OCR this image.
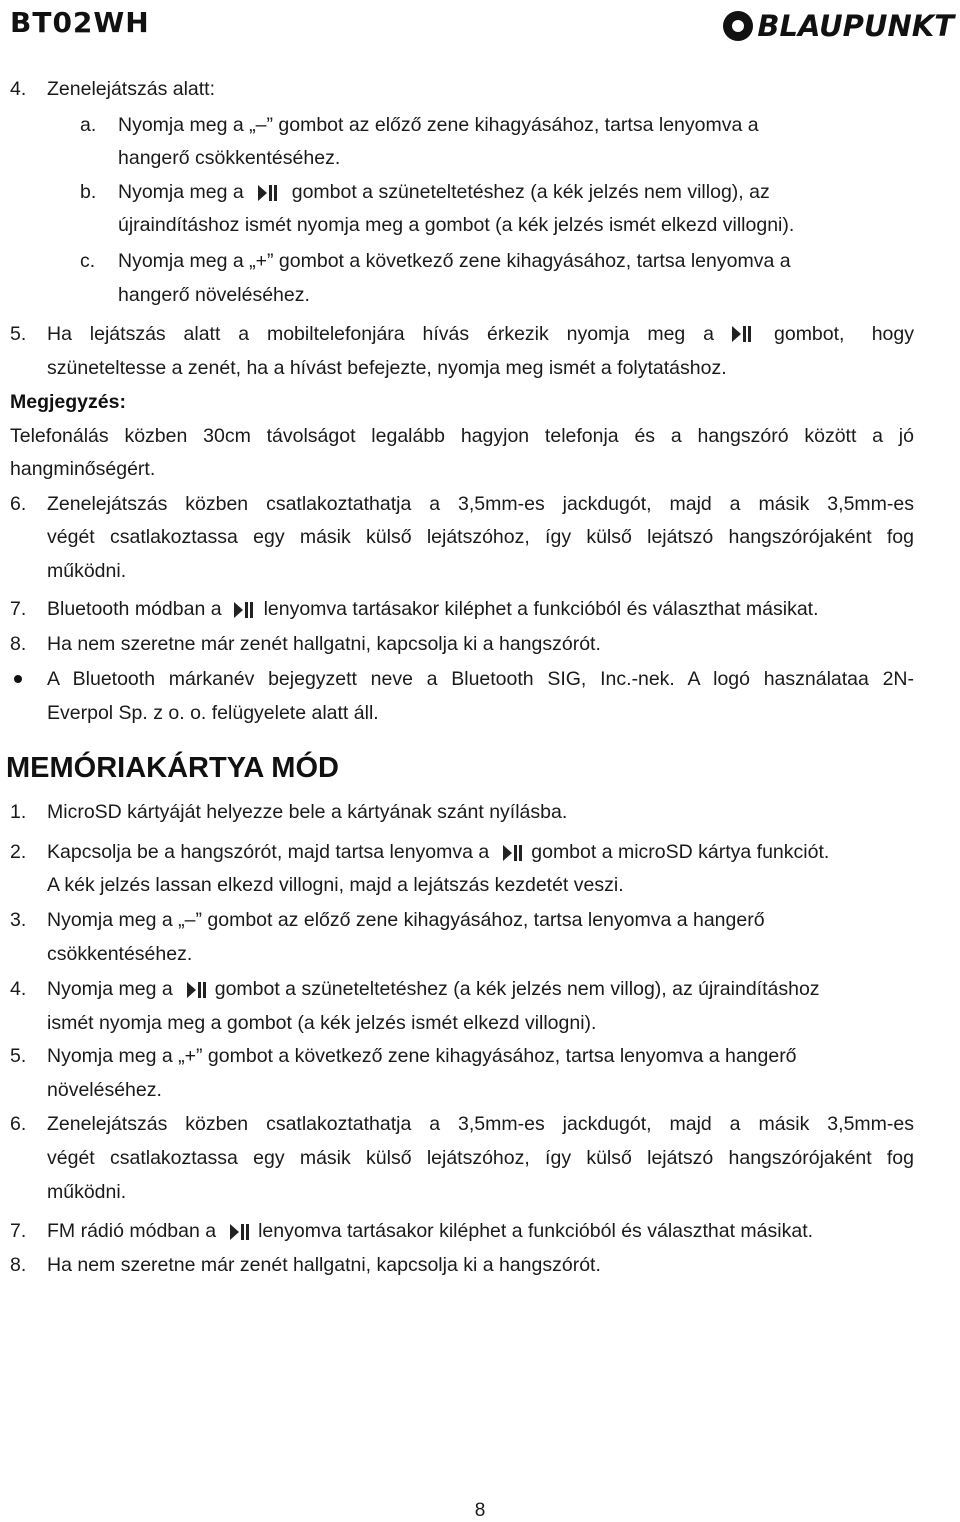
BT02WH	BLAUPUNKT
4. Zenelejátszás alatt:
a. Nyomja meg a „–” gombot az előző zene kihagyásához, tartsa lenyomva a
hangerő csökkentéséhez.
b. Nyomja meg a gombot a szüneteltetéshez (a kék jelzés nem villog), az
újraindításhoz ismét nyomja meg a gombot (a kék jelzés ismét elkezd villogni).
c. Nyomja meg a „+” gombot a következő zene kihagyásához, tartsa lenyomva a
hangerő növeléséhez.
5. Ha lejátszás alatt a mobiltelefonjára hívás érkezik nyomja meg a	gombot, hogy
szüneteltesse a zenét, ha a hívást befejezte, nyomja meg ismét a folytatáshoz.
Megjegyzés:
Telefonálás közben 30cm távolságot legalább hagyjon telefonja és a hangszóró között a jó
hangminőségért.
6. Zenelejátszás közben csatlakoztathatja a 3,5mm-es jackdugót, majd a másik 3,5mm-es
végét csatlakoztassa egy másik külső lejátszóhoz, így külső lejátszó hangszórójaként fog
működni.
7. Bluetooth módban a lenyomva tartásakor kiléphet a funkcióból és választhat másikat.
8. Ha nem szeretne már zenét hallgatni, kapcsolja ki a hangszórót.
A Bluetooth márkanév bejegyzett neve a Bluetooth SIG, Inc.-nek. A logó használataa 2N-
Everpol Sp. z o. o. felügyelete alatt áll.
MEMÓRIAKÁRTYA MÓD
1. MicroSD kártyáját helyezze bele a kártyának szánt nyílásba.
2. Kapcsolja be a hangszórót, majd tartsa lenyomva a gombot a microSD kártya funkciót.
A kék jelzés lassan elkezd villogni, majd a lejátszás kezdetét veszi.
3. Nyomja meg a „–” gombot az előző zene kihagyásához, tartsa lenyomva a hangerő
csökkentéséhez.
4. Nyomja meg a gombot a szüneteltetéshez (a kék jelzés nem villog), az újraindításhoz
ismét nyomja meg a gombot (a kék jelzés ismét elkezd villogni).
5. Nyomja meg a „+” gombot a következő zene kihagyásához, tartsa lenyomva a hangerő
növeléséhez.
6. Zenelejátszás közben csatlakoztathatja a 3,5mm-es jackdugót, majd a másik 3,5mm-es
végét csatlakoztassa egy másik külső lejátszóhoz, így külső lejátszó hangszórójaként fog
működni.
7. FM rádió módban a lenyomva tartásakor kiléphet a funkcióból és választhat másikat.
8. Ha nem szeretne már zenét hallgatni, kapcsolja ki a hangszórót.
8
